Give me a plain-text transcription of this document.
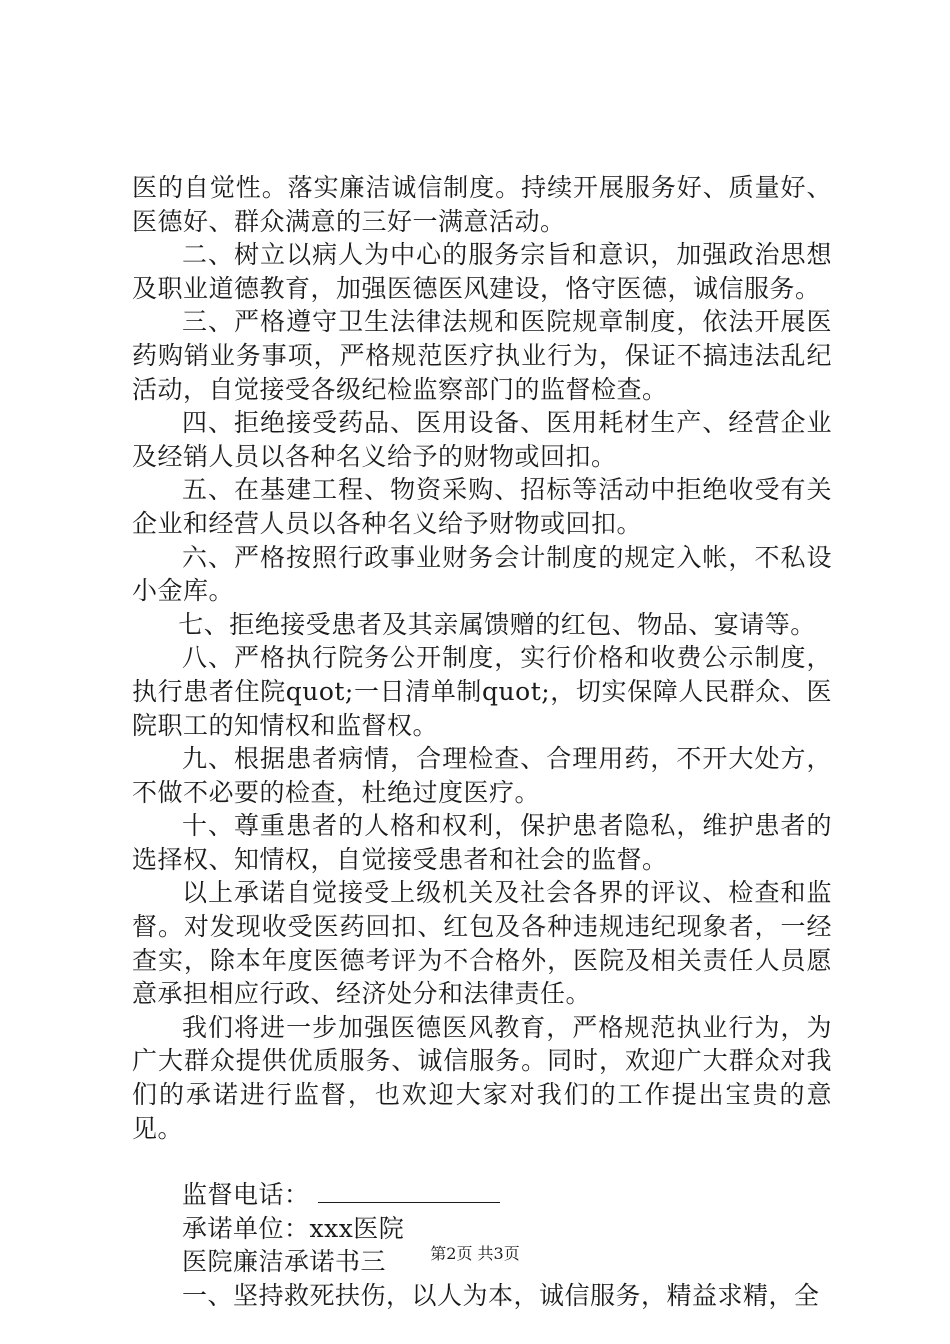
医的自觉性。落实廉洁诚信制度。持续开展服务好、质量好、医德好、群众满意的三好一满意活动。

二、树立以病人为中心的服务宗旨和意识，加强政治思想及职业道德教育，加强医德医风建设，恪守医德，诚信服务。

三、严格遵守卫生法律法规和医院规章制度，依法开展医药购销业务事项，严格规范医疗执业行为，保证不搞违法乱纪活动，自觉接受各级纪检监察部门的监督检查。

四、拒绝接受药品、医用设备、医用耗材生产、经营企业及经销人员以各种名义给予的财物或回扣。

五、在基建工程、物资采购、招标等活动中拒绝收受有关企业和经营人员以各种名义给予财物或回扣。

六、严格按照行政事业财务会计制度的规定入帐，不私设小金库。

七、拒绝接受患者及其亲属馈赠的红包、物品、宴请等。

八、严格执行院务公开制度，实行价格和收费公示制度，执行患者住院quot;一日清单制quot;，切实保障人民群众、医院职工的知情权和监督权。

九、根据患者病情，合理检查、合理用药，不开大处方，不做不必要的检查，杜绝过度医疗。

十、尊重患者的人格和权利，保护患者隐私，维护患者的选择权、知情权，自觉接受患者和社会的监督。

以上承诺自觉接受上级机关及社会各界的评议、检查和监督。对发现收受医药回扣、红包及各种违规违纪现象者，一经查实，除本年度医德考评为不合格外，医院及相关责任人员愿意承担相应行政、经济处分和法律责任。

我们将进一步加强医德医风教育，严格规范执业行为，为广大群众提供优质服务、诚信服务。同时，欢迎广大群众对我们的承诺进行监督，也欢迎大家对我们的工作提出宝贵的意见。

监督电话：

承诺单位：xxx医院

医院廉洁承诺书三

一、坚持救死扶伤，以人为本，诚信服务，精益求精，全

第2页 共3页
